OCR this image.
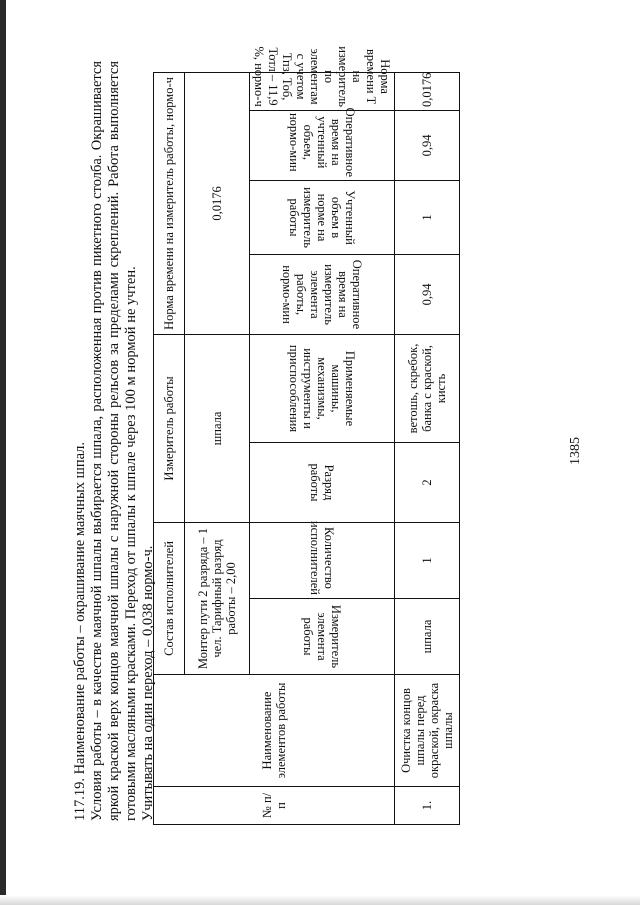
1385

117.19. Наименование работы – окрашивание маячных шпал. Условия работы – в качестве маячной шпалы выбирается шпала, расположенная против пикетного столба. Окрашивается яркой краской верх концов маячной шпалы с наружной стороны рельсов за пределами скреплений. Работа выполняется готовыми масляными красками. Переход от шпалы к шпале через 100 м нормой не учтен. Учитывать на один переход – 0,038 нормо-ч.	№ п/п	Наименование элементов работы	Состав исполнителей		Измеритель работы		Норма времени на измеритель работы, нормо-ч			
		Монтер пути 2 разряда – 1 чел. Тарифный разряд работы – 2,00		шпала		0,0176			
		Измеритель элемента работы	Количество исполнителей	Разряд работы	Применяемые машины, механизмы, инструменты и приспособления	Оперативное время на измеритель элемента работы, нормо-мин	Учтенный объем в норме на измеритель работы	Оперативное время на учтенный объем, нормо-мин	Норма времени Т на измеритель по элементам с учетом Тпз, Тоб, Тотл – 11,9 %, нормо-ч
1.	Очистка концов шпалы перед окраской, окраска шпалы	шпала	1	2	ветошь, скребок, банка с краской, кисть	0,94	1	0,94	0,0176
